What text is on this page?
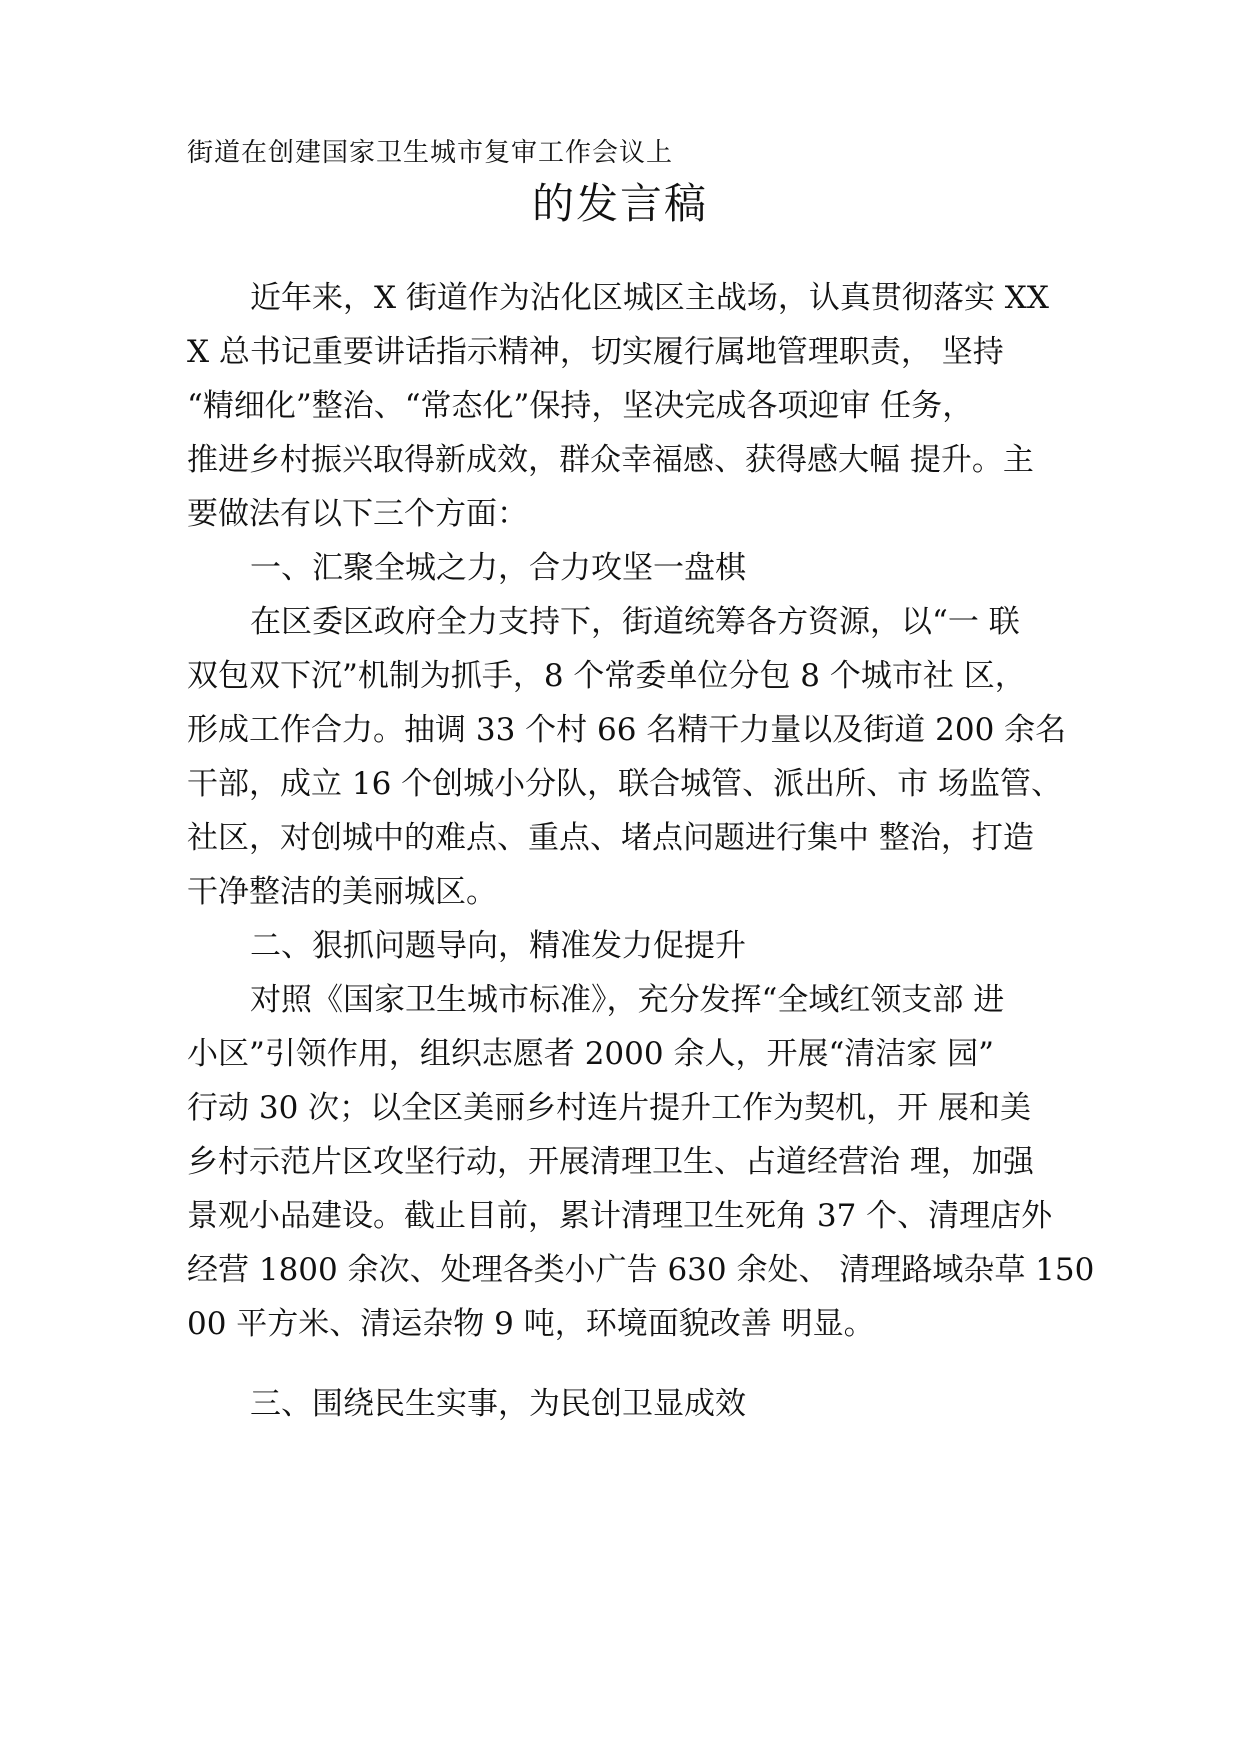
街道在创建国家卫生城市复审工作会议上
的发言稿
近年来，X 街道作为沾化区城区主战场，认真贯彻落实 XX
X 总书记重要讲话指示精神，切实履行属地管理职责， 坚持
“精细化”整治、“常态化”保持，坚决完成各项迎审 任务，
推进乡村振兴取得新成效，群众幸福感、获得感大幅 提升。主
要做法有以下三个方面：
一、汇聚全城之力，合力攻坚一盘棋
在区委区政府全力支持下，街道统筹各方资源，以“一 联
双包双下沉”机制为抓手，8 个常委单位分包 8 个城市社 区，
形成工作合力。抽调 33 个村 66 名精干力量以及街道 200 余名
干部，成立 16 个创城小分队，联合城管、派出所、市 场监管、
社区，对创城中的难点、重点、堵点问题进行集中 整治，打造
干净整洁的美丽城区。
二、狠抓问题导向，精准发力促提升
对照《国家卫生城市标准》，充分发挥“全域红领支部 进
小区”引领作用，组织志愿者 2000 余人，开展“清洁家 园”
行动 30 次；以全区美丽乡村连片提升工作为契机，开 展和美
乡村示范片区攻坚行动，开展清理卫生、占道经营治 理，加强
景观小品建设。截止目前，累计清理卫生死角 37 个、清理店外
经营 1800 余次、处理各类小广告 630 余处、 清理路域杂草 150
00 平方米、清运杂物 9 吨，环境面貌改善 明显。
三、围绕民生实事，为民创卫显成效
